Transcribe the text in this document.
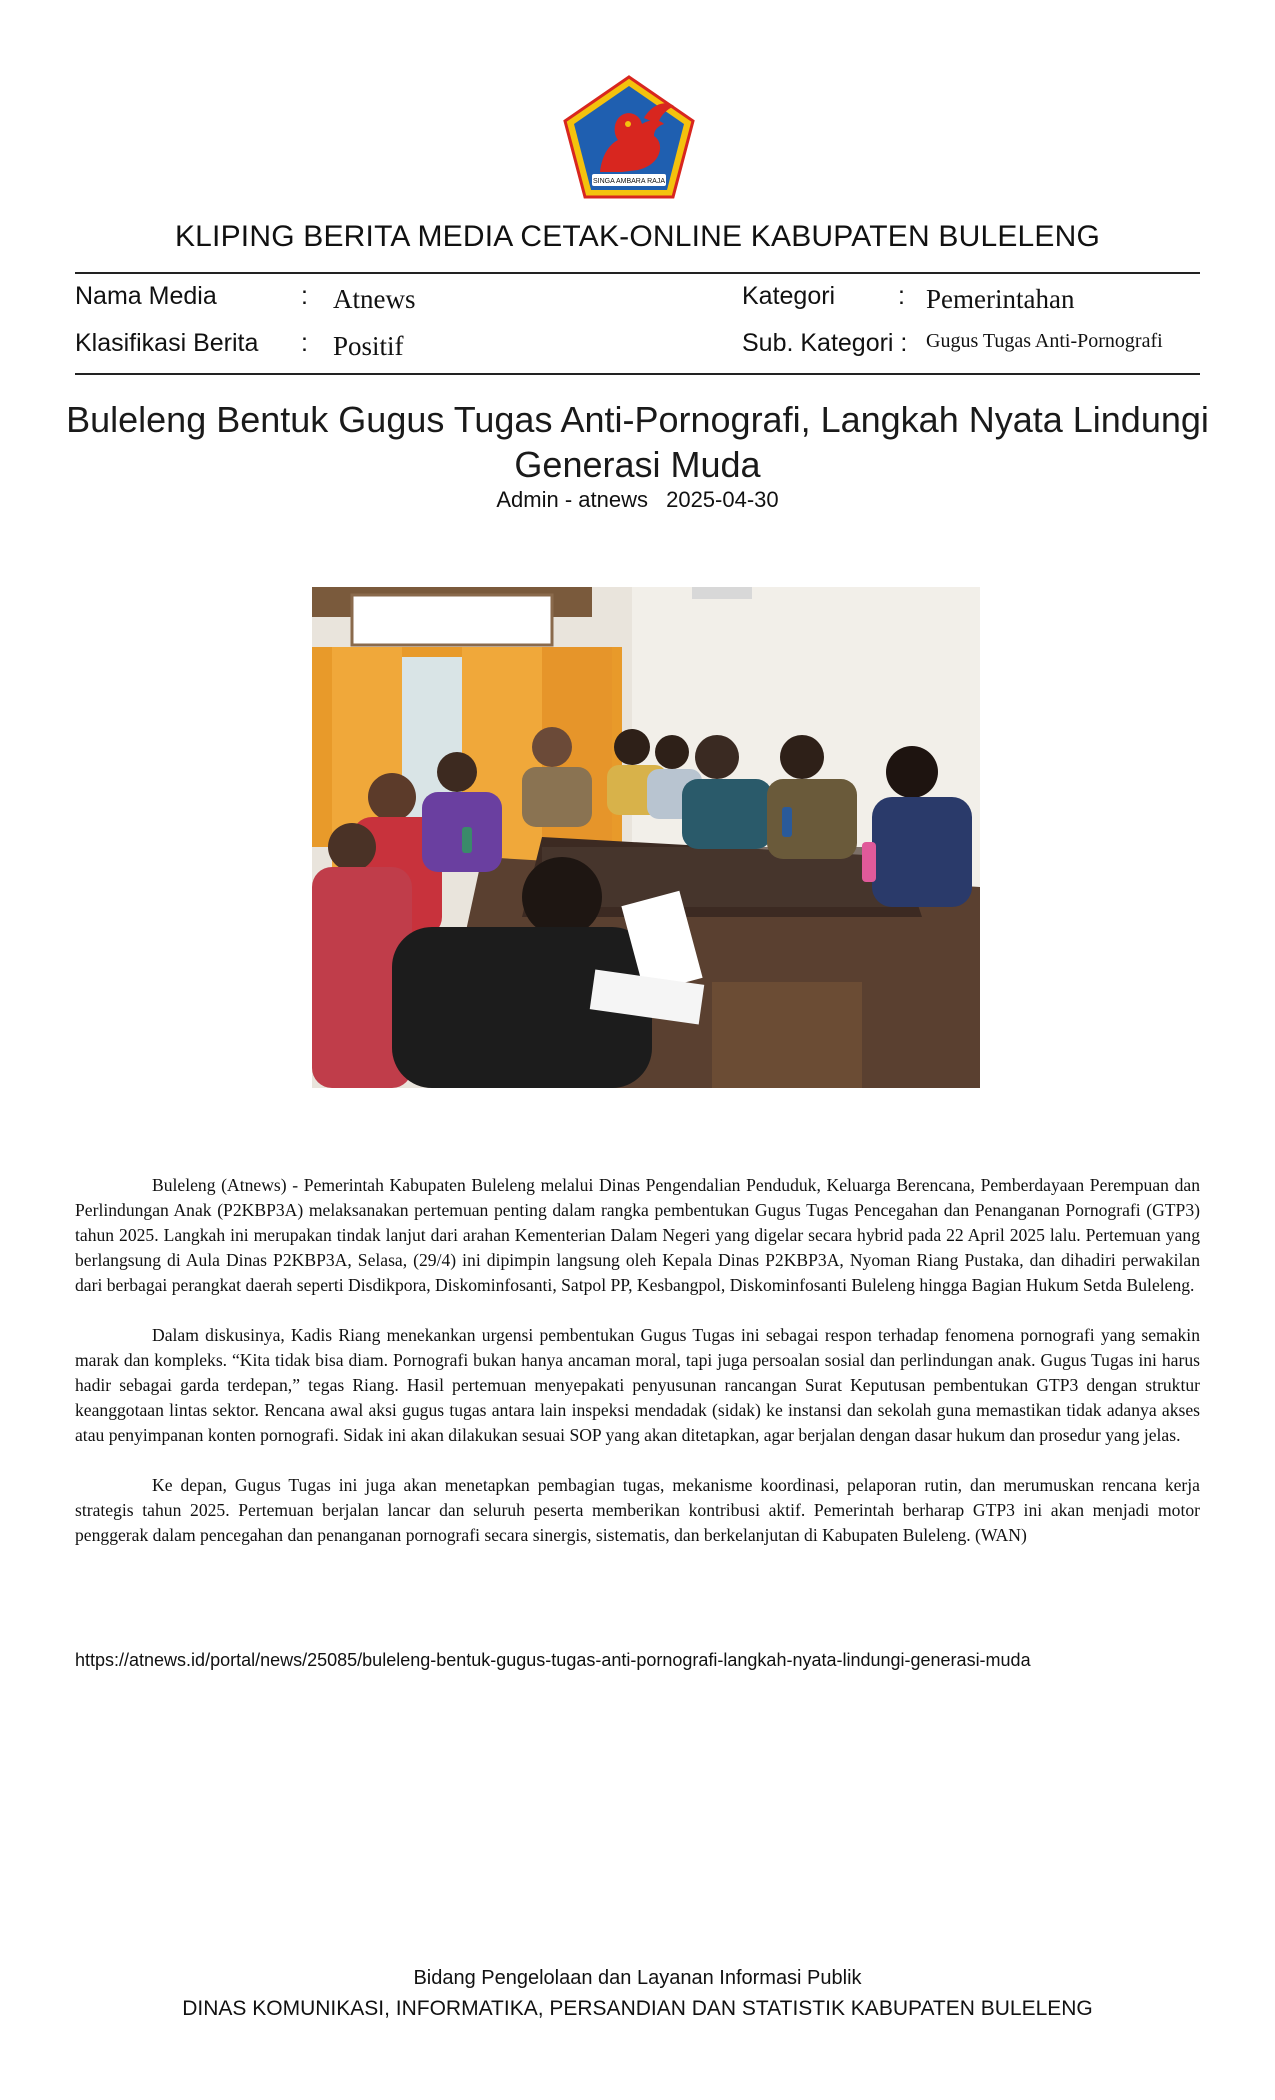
SINGA AMBARA RAJA
KLIPING BERITA MEDIA CETAK-ONLINE KABUPATEN BULELENG
Nama Media	: Atnews
Klasifikasi Berita : Positif
Kategori	: Pemerintahan
Sub. Kategori : Gugus Tugas Anti-Pornografi
Buleleng Bentuk Gugus Tugas Anti-Pornografi, Langkah Nyata Lindungi Generasi Muda
Admin - atnews 2025-04-30

Buleleng (Atnews) - Pemerintah Kabupaten Buleleng melalui Dinas Pengendalian Penduduk, Keluarga Berencana, Pemberdayaan Perempuan dan Perlindungan Anak (P2KBP3A) melaksanakan pertemuan penting dalam rangka pembentukan Gugus Tugas Pencegahan dan Penanganan Pornografi (GTP3) tahun 2025. Langkah ini merupakan tindak lanjut dari arahan Kementerian Dalam Negeri yang digelar secara hybrid pada 22 April 2025 lalu. Pertemuan yang berlangsung di Aula Dinas P2KBP3A, Selasa, (29/4) ini dipimpin langsung oleh Kepala Dinas P2KBP3A, Nyoman Riang Pustaka, dan dihadiri perwakilan dari berbagai perangkat daerah seperti Disdikpora, Diskominfosanti, Satpol PP, Kesbangpol, Diskominfosanti Buleleng hingga Bagian Hukum Setda Buleleng.

Dalam diskusinya, Kadis Riang menekankan urgensi pembentukan Gugus Tugas ini sebagai respon terhadap fenomena pornografi yang semakin marak dan kompleks. “Kita tidak bisa diam. Pornografi bukan hanya ancaman moral, tapi juga persoalan sosial dan perlindungan anak. Gugus Tugas ini harus hadir sebagai garda terdepan,” tegas Riang. Hasil pertemuan menyepakati penyusunan rancangan Surat Keputusan pembentukan GTP3 dengan struktur keanggotaan lintas sektor. Rencana awal aksi gugus tugas antara lain inspeksi mendadak (sidak) ke instansi dan sekolah guna memastikan tidak adanya akses atau penyimpanan konten pornografi. Sidak ini akan dilakukan sesuai SOP yang akan ditetapkan, agar berjalan dengan dasar hukum dan prosedur yang jelas.

Ke depan, Gugus Tugas ini juga akan menetapkan pembagian tugas, mekanisme koordinasi, pelaporan rutin, dan merumuskan rencana kerja strategis tahun 2025. Pertemuan berjalan lancar dan seluruh peserta memberikan kontribusi aktif. Pemerintah berharap GTP3 ini akan menjadi motor penggerak dalam pencegahan dan penanganan pornografi secara sinergis, sistematis, dan berkelanjutan di Kabupaten Buleleng. (WAN)

https://atnews.id/portal/news/25085/buleleng-bentuk-gugus-tugas-anti-pornografi-langkah-nyata-lindungi-generasi-muda
Bidang Pengelolaan dan Layanan Informasi Publik
DINAS KOMUNIKASI, INFORMATIKA, PERSANDIAN DAN STATISTIK KABUPATEN BULELENG
